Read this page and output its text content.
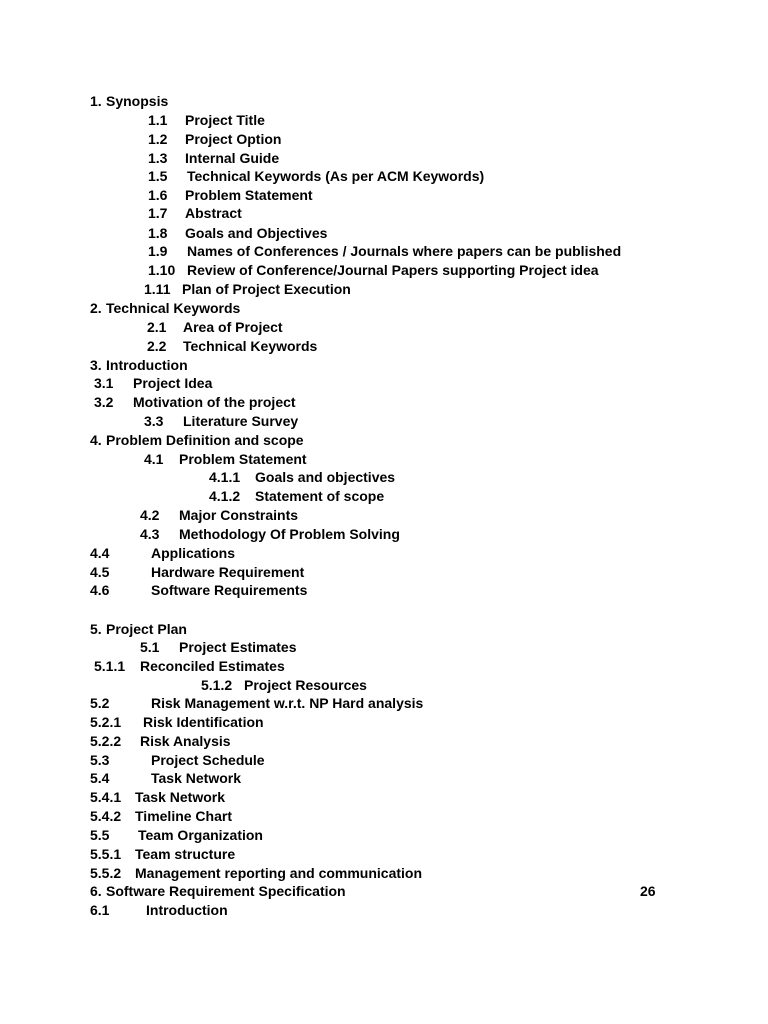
1. Synopsis
1.1 Project Title
1.2 Project Option
1.3 Internal Guide
1.5 Technical Keywords (As per ACM Keywords)
1.6 Problem Statement
1.7 Abstract
1.8 Goals and Objectives
1.9 Names of Conferences / Journals where papers can be published
1.10 Review of Conference/Journal Papers supporting Project idea
1.11 Plan of Project Execution
2. Technical Keywords
2.1 Area of Project
2.2 Technical Keywords
3. Introduction
3.1 Project Idea
3.2 Motivation of the project
3.3 Literature Survey
4. Problem Definition and scope
4.1 Problem Statement
4.1.1 Goals and objectives
4.1.2 Statement of scope
4.2 Major Constraints
4.3 Methodology Of Problem Solving
4.4	Applications
4.5	Hardware Requirement
4.6	Software Requirements
5. Project Plan
5.1 Project Estimates
5.1.1 Reconciled Estimates
5.1.2 Project Resources
5.2	Risk Management w.r.t. NP Hard analysis
5.2.1 Risk Identification
5.2.2 Risk Analysis
5.3	Project Schedule
5.4	Task Network
5.4.1 Task Network
5.4.2 Timeline Chart
5.5 Team Organization
5.5.1 Team structure
5.5.2 Management reporting and communication
6. Software Requirement Specification	26
6.1	Introduction
